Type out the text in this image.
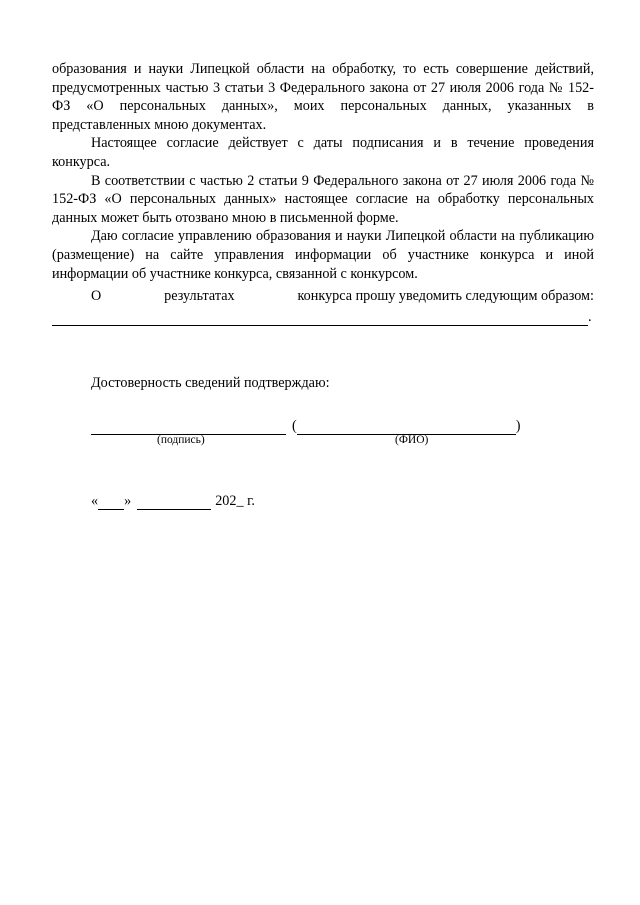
образования и науки Липецкой области на обработку, то есть совершение действий, предусмотренных частью 3 статьи 3 Федерального закона от 27 июля 2006 года № 152-ФЗ «О персональных данных», моих персональных данных, указанных в представленных мною документах.

Настоящее согласие действует с даты подписания и в течение проведения конкурса.

В соответствии с частью 2 статьи 9 Федерального закона от 27 июля 2006 года № 152-ФЗ «О персональных данных» настоящее согласие на обработку персональных данных может быть отозвано мною в письменной форме.

Даю согласие управлению образования и науки Липецкой области на публикацию (размещение) на сайте управления информации об участнике конкурса и иной информации об участнике конкурса, связанной с конкурсом.

О	результатах	конкурса прошу уведомить следующим образом:
.
Достоверность сведений подтверждаю:
(	)
(подпись)	(ФИО)
« »	202_ г.
